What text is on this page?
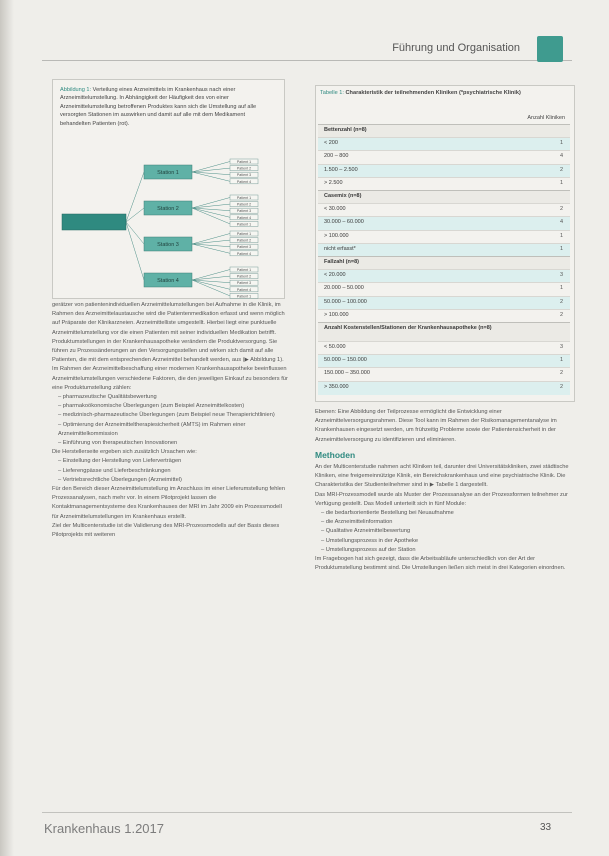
Führung und Organisation
Abbildung 1: Verteilung eines Arzneimittels im Krankenhaus nach einer Arzneimittelumstellung. In Abhängigkeit der Häufigkeit des von einer Arzneimittelumstellung betroffenen Produktes kann sich die Umstellung auf alle versorgten Stationen im auswirken und damit auf alle mit dem Medikament behandelten Patienten (rot).
Station 1
Patient 1
Patient 2
Patient 3
Patient 4
Station 2
Patient 1
Patient 2
Patient 3
Patient 4
Patient 1
Station 3
Patient 1
Patient 2
Patient 3
Patient 4
Station 4
Patient 1
Patient 2
Patient 3
Patient 4
Patient 1
Tabelle 1: Charakteristik der teilnehmenden Kliniken (*psychiatrische Klinik)
Anzahl Kliniken
Bettenzahl (n=8)
< 200	1
200 – 800	4
1.500 – 2.500	2
> 2.500	1
Casemix (n=8)
< 30.000	2
30.000 – 60.000	4
> 100.000	1
nicht erfasst*	1
Fallzahl (n=8)
< 20.000	3
20.000 – 50.000	1
50.000 – 100.000	2
> 100.000	2
Anzahl Kostenstellen/Stationen der Krankenhausapotheke (n=8)
< 50.000	3
50.000 – 150.000	1
150.000 – 350.000	2
> 350.000	2

gerätzer von patientenindividuellen Arzneimittelumstellungen bei Aufnahme in die Klinik, im Rahmen des Arzneimittelaustausche wird die Patientenmedikation erfasst und wenn möglich auf Präparate der Klinikarzneien. Arzneimittelliste umgestellt. Hierbei liegt eine punktuelle Arzneimittelumstellung vor die einen Patienten mit seiner individuellen Medikation betrifft. Produktumstellungen in der Krankenhausapotheke verändern die Produktversorgung. Sie führen zu Prozessänderungen an den Versorgungsstellen und wirken sich damit auf alle Patienten, die mit dem entsprechenden Arzneimittel behandelt werden, aus (▶ Abbildung 1).

Im Rahmen der Arzneimittelbeschaffung einer modernen Krankenhausapotheke beeinflussen Arzneimittelumstellungen verschiedene Faktoren, die den jeweiligen Einkauf zu besonders für eine Produktumstellung zählen:

– pharmazeutische Qualitätsbewertung
– pharmakoökonomische Überlegungen (zum Beispiel Arzneimittelkosten)
– medizinisch-pharmazeutische Überlegungen (zum Beispiel neue Therapierichtlinien)
– Optimierung der Arzneimitteltherapiesicherheit (AMTS) im Rahmen einer Arzneimittelkommission
– Einführung von therapeutischen Innovationen
Die Herstellerseite ergeben sich zusätzlich Ursachen wie:
– Einstellung der Herstellung von Lieferverträgen
– Lieferengpässe und Lieferbeschränkungen
– Vertriebsrechtliche Überlegungen (Arzneimittel)

Für den Bereich dieser Arzneimittelumstellung im Anschluss im einer Lieferumstellung fehlen Prozessanalysen, nach mehr vor. In einem Pilotprojekt lassen die Kontaktmanagementsysteme des Krankenhauses der MRI im Jahr 2009 ein Prozessmodell für Arzneimittelumstellungen im Krankenhaus erstellt.

Ziel der Multicenterstudie ist die Validierung des MRI-Prozessmodells auf der Basis dieses Pilotprojekts mit weiteren

Ebenen: Eine Abbildung der Teilprozesse ermöglicht die Entwicklung einer Arzneimittelversorgungsrahmen. Diese Tool kann im Rahmen der Risikomanagementanalyse im Krankenhausen eingesetzt werden, um frühzeitig Probleme sowie der Patientensicherheit in der Arzneimittelversorgung zu identifizieren und eliminieren.

Methoden

An der Multicenterstudie nahmen acht Kliniken teil, darunter drei Universitätskliniken, zwei städtische Kliniken, eine freigemeinnützige Klinik, ein Bereichskrankenhaus und eine psychiatrische Klinik. Die Charakteristika der Studienteilnehmer sind in ▶ Tabelle 1 dargestellt.

Das MRI-Prozessmodell wurde als Muster der Prozessanalyse an der Prozessformen teilnehmer zur Verfügung gestellt. Das Modell unterteilt sich in fünf Module:

– die bedarfsorientierte Bestellung bei Neuaufnahme
– die Arzneimittelinformation
– Qualitative Arzneimittelbewertung
– Umstellungsprozess in der Apotheke
– Umstellungsprozess auf der Station

Im Fragebogen hat sich gezeigt, dass die Arbeitsabläufe unterschiedlich von der Art der Produktumstellung bestimmt sind. Die Umstellungen ließen sich meist in drei Kategorien einordnen.

Krankenhaus 1.2017	33
